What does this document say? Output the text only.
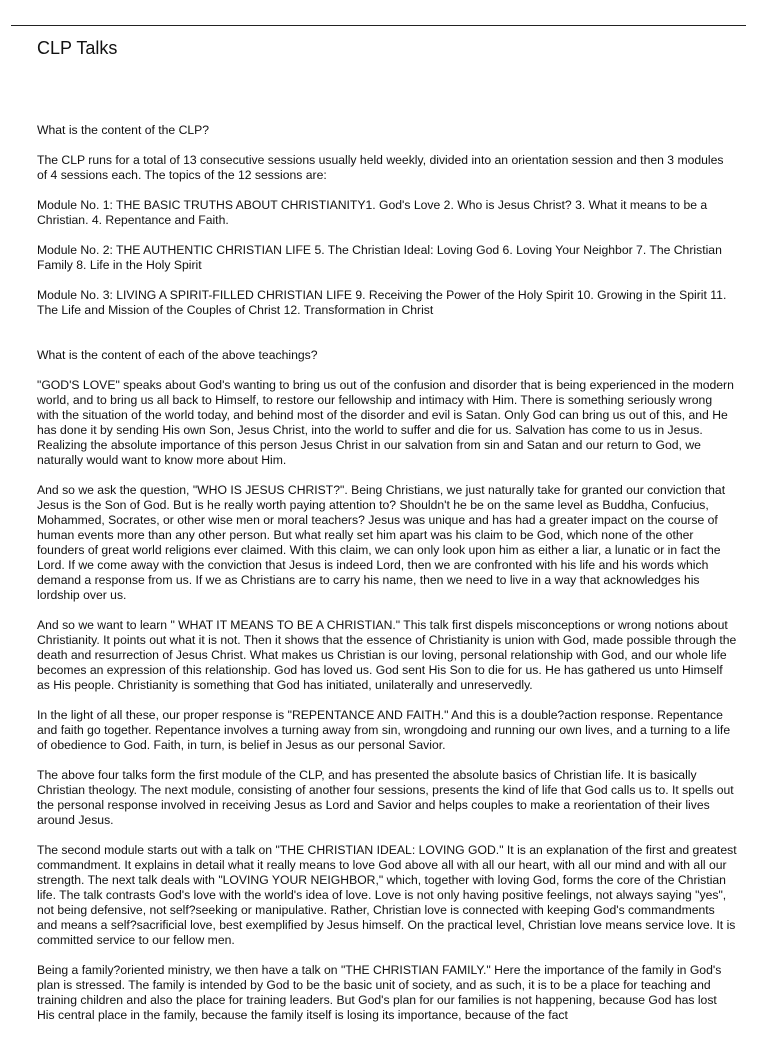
CLP Talks

What is the content of the CLP?

The CLP runs for a total of 13 consecutive sessions usually held weekly, divided into an orientation session and then 3 modules of 4 sessions each. The topics of the 12 sessions are:

Module No. 1: THE BASIC TRUTHS ABOUT CHRISTIANITY1. God's Love 2. Who is Jesus Christ? 3. What it means to be a Christian. 4. Repentance and Faith.

Module No. 2: THE AUTHENTIC CHRISTIAN LIFE 5. The Christian Ideal: Loving God 6. Loving Your Neighbor 7. The Christian Family 8. Life in the Holy Spirit

Module No. 3: LIVING A SPIRIT-FILLED CHRISTIAN LIFE 9. Receiving the Power of the Holy Spirit 10. Growing in the Spirit 11. The Life and Mission of the Couples of Christ 12. Transformation in Christ

What is the content of each of the above teachings?

"GOD'S LOVE" speaks about God's wanting to bring us out of the confusion and disorder that is being experienced in the modern world, and to bring us all back to Himself, to restore our fellowship and intimacy with Him. There is something seriously wrong with the situation of the world today, and behind most of the disorder and evil is Satan. Only God can bring us out of this, and He has done it by sending His own Son, Jesus Christ, into the world to suffer and die for us. Salvation has come to us in Jesus. Realizing the absolute importance of this person Jesus Christ in our salvation from sin and Satan and our return to God, we naturally would want to know more about Him.

And so we ask the question, "WHO IS JESUS CHRIST?". Being Christians, we just naturally take for granted our conviction that Jesus is the Son of God. But is he really worth paying attention to? Shouldn't he be on the same level as Buddha, Confucius, Mohammed, Socrates, or other wise men or moral teachers? Jesus was unique and has had a greater impact on the course of human events more than any other person. But what really set him apart was his claim to be God, which none of the other founders of great world religions ever claimed. With this claim, we can only look upon him as either a liar, a lunatic or in fact the Lord. If we come away with the conviction that Jesus is indeed Lord, then we are confronted with his life and his words which demand a response from us. If we as Christians are to carry his name, then we need to live in a way that acknowledges his lordship over us.

And so we want to learn " WHAT IT MEANS TO BE A CHRISTIAN." This talk first dispels misconceptions or wrong notions about Christianity. It points out what it is not. Then it shows that the essence of Christianity is union with God, made possible through the death and resurrection of Jesus Christ. What makes us Christian is our loving, personal relationship with God, and our whole life becomes an expression of this relationship. God has loved us. God sent His Son to die for us. He has gathered us unto Himself as His people. Christianity is something that God has initiated, unilaterally and unreservedly.

In the light of all these, our proper response is "REPENTANCE AND FAITH." And this is a double?action response. Repentance and faith go together. Repentance involves a turning away from sin, wrongdoing and running our own lives, and a turning to a life of obedience to God. Faith, in turn, is belief in Jesus as our personal Savior.

The above four talks form the first module of the CLP, and has presented the absolute basics of Christian life. It is basically Christian theology. The next module, consisting of another four sessions, presents the kind of life that God calls us to. It spells out the personal response involved in receiving Jesus as Lord and Savior and helps couples to make a reorientation of their lives around Jesus.

The second module starts out with a talk on "THE CHRISTIAN IDEAL: LOVING GOD." It is an explanation of the first and greatest commandment. It explains in detail what it really means to love God above all with all our heart, with all our mind and with all our strength. The next talk deals with "LOVING YOUR NEIGHBOR," which, together with loving God, forms the core of the Christian life. The talk contrasts God's love with the world's idea of love. Love is not only having positive feelings, not always saying "yes", not being defensive, not self?seeking or manipulative. Rather, Christian love is connected with keeping God's commandments and means a self?sacrificial love, best exemplified by Jesus himself. On the practical level, Christian love means service love. It is committed service to our fellow men.

Being a family?oriented ministry, we then have a talk on "THE CHRISTIAN FAMILY." Here the importance of the family in God's plan is stressed. The family is intended by God to be the basic unit of society, and as such, it is to be a place for teaching and training children and also the place for training leaders. But God's plan for our families is not happening, because God has lost His central place in the family, because the family itself is losing its importance, because of the fact
